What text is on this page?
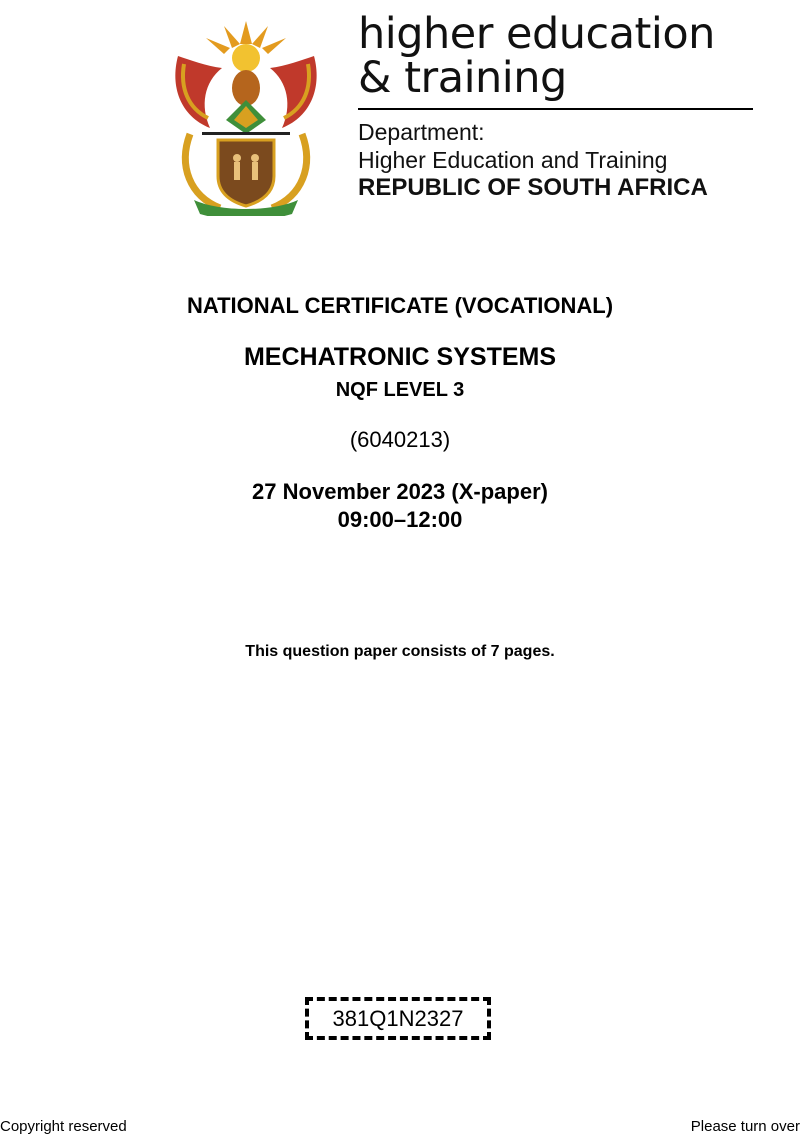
higher education
& training
Department:
Higher Education and Training
REPUBLIC OF SOUTH AFRICA
NATIONAL CERTIFICATE (VOCATIONAL)
MECHATRONIC SYSTEMS
NQF LEVEL 3
(6040213)
27 November 2023 (X-paper)
09:00–12:00
This question paper consists of 7 pages.
381Q1N2327
Copyright reserved	Please turn over
